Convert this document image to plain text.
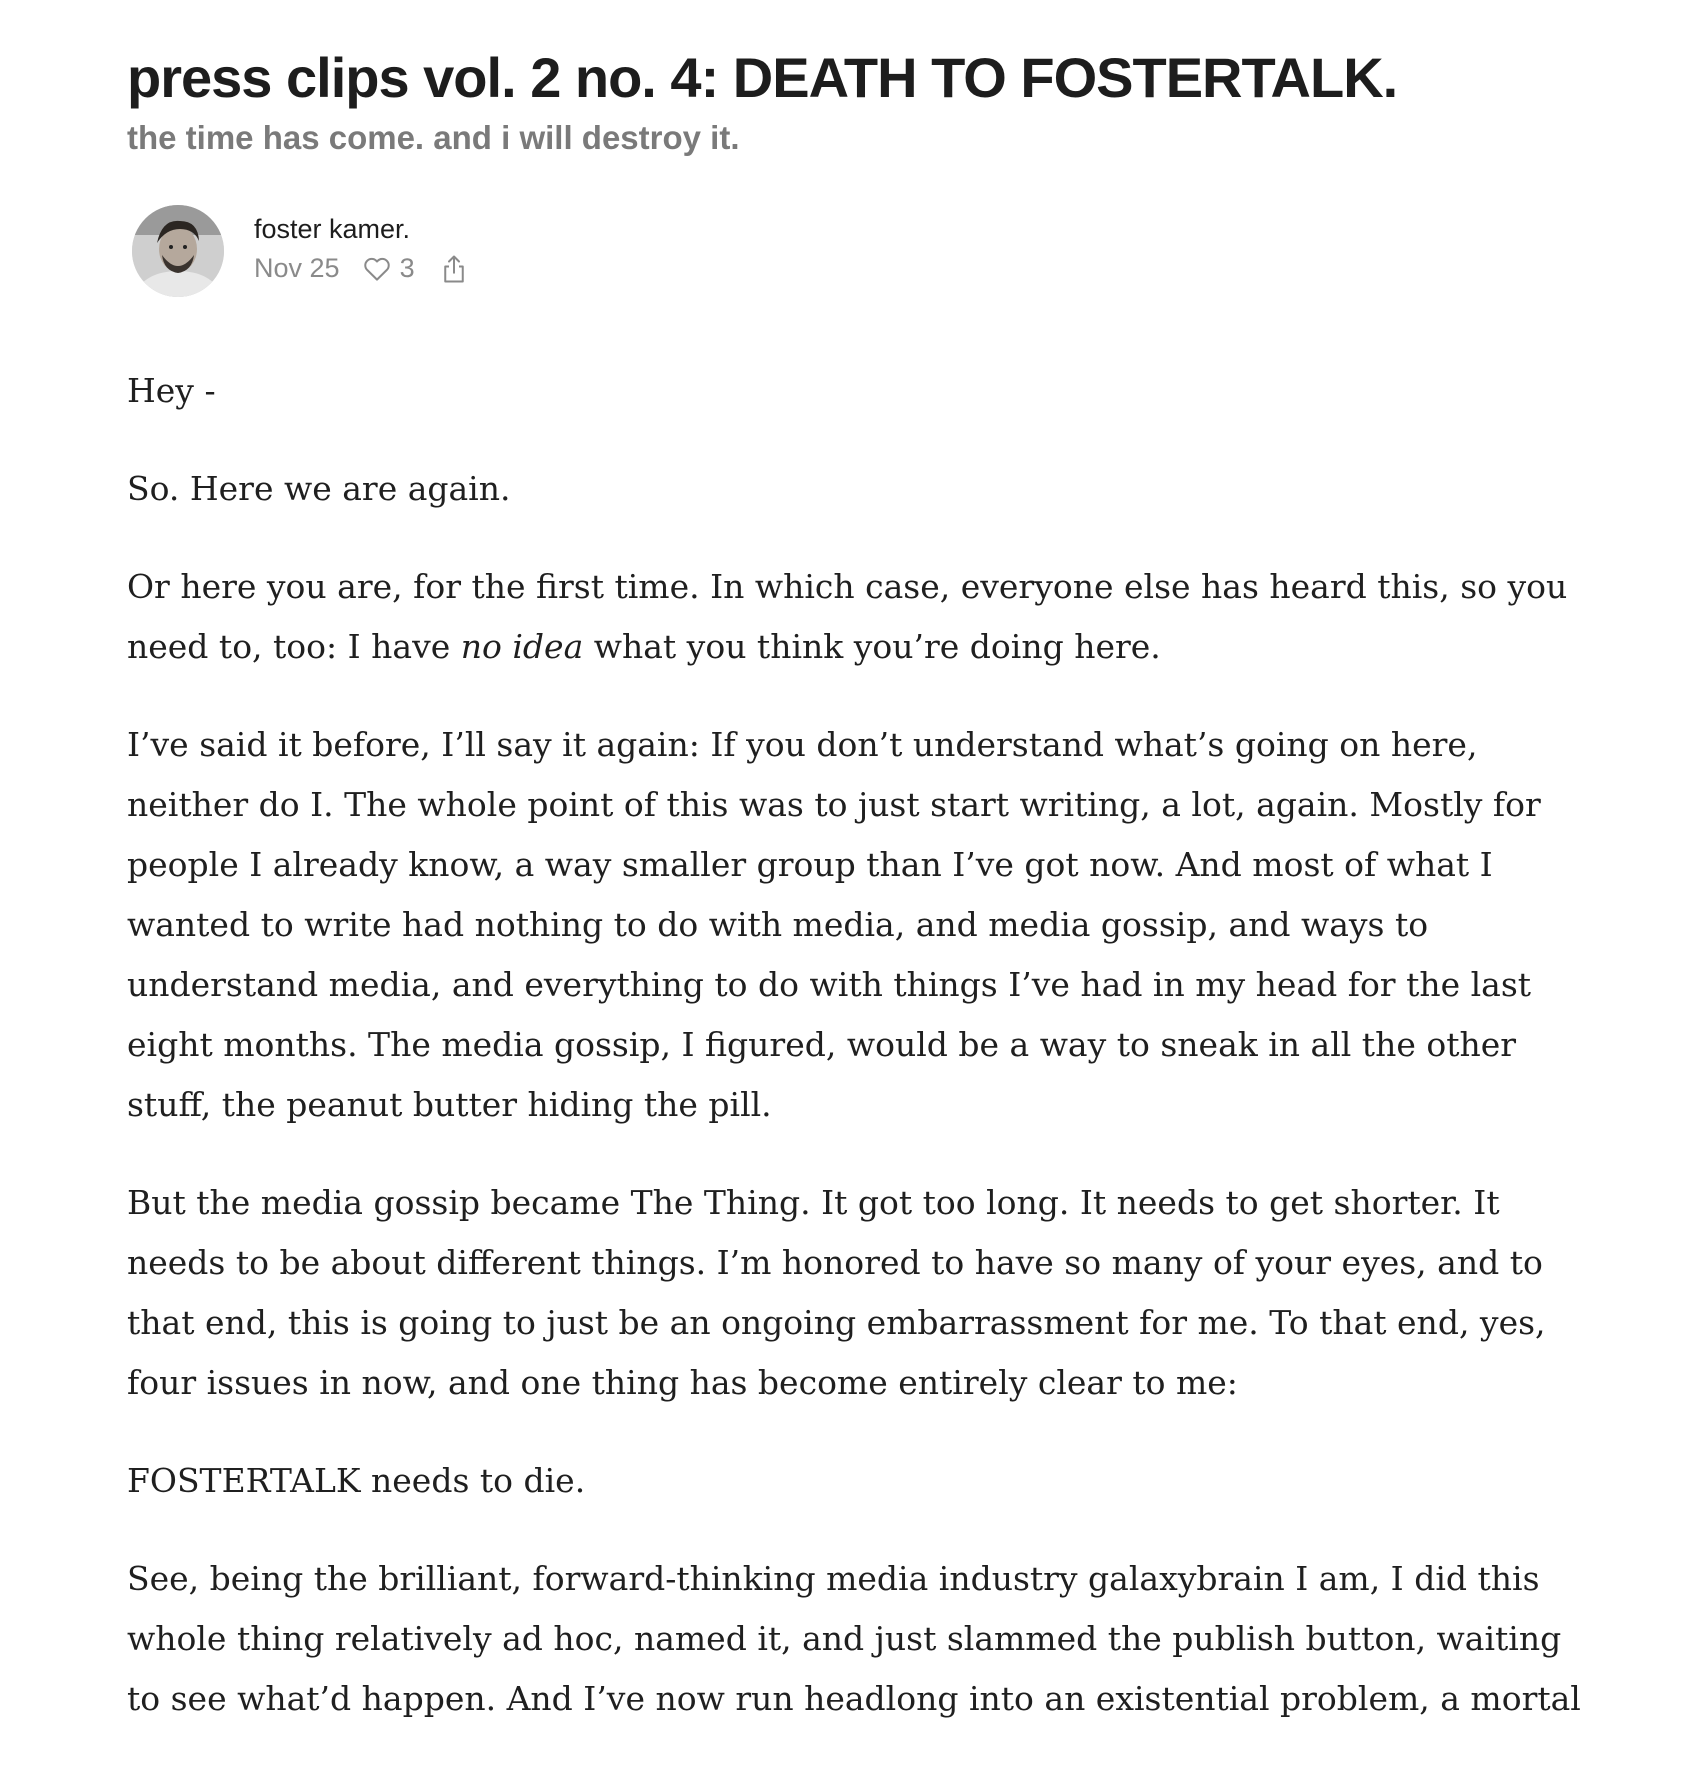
press clips vol. 2 no. 4: DEATH TO FOSTERTALK.
the time has come. and i will destroy it.
foster kamer.
Nov 25 3

Hey -

So. Here we are again.

Or here you are, for the first time. In which case, everyone else has heard this, so you need to, too: I have no idea what you think you’re doing here.

I’ve said it before, I’ll say it again: If you don’t understand what’s going on here, neither do I. The whole point of this was to just start writing, a lot, again. Mostly for people I already know, a way smaller group than I’ve got now. And most of what I wanted to write had nothing to do with media, and media gossip, and ways to understand media, and everything to do with things I’ve had in my head for the last eight months. The media gossip, I figured, would be a way to sneak in all the other stuff, the peanut butter hiding the pill.

But the media gossip became The Thing. It got too long. It needs to get shorter. It needs to be about different things. I’m honored to have so many of your eyes, and to that end, this is going to just be an ongoing embarrassment for me. To that end, yes, four issues in now, and one thing has become entirely clear to me:

FOSTERTALK needs to die.

See, being the brilliant, forward-thinking media industry galaxybrain I am, I did this whole thing relatively ad hoc, named it, and just slammed the publish button, waiting to see what’d happen. And I’ve now run headlong into an existential problem, a mortal
